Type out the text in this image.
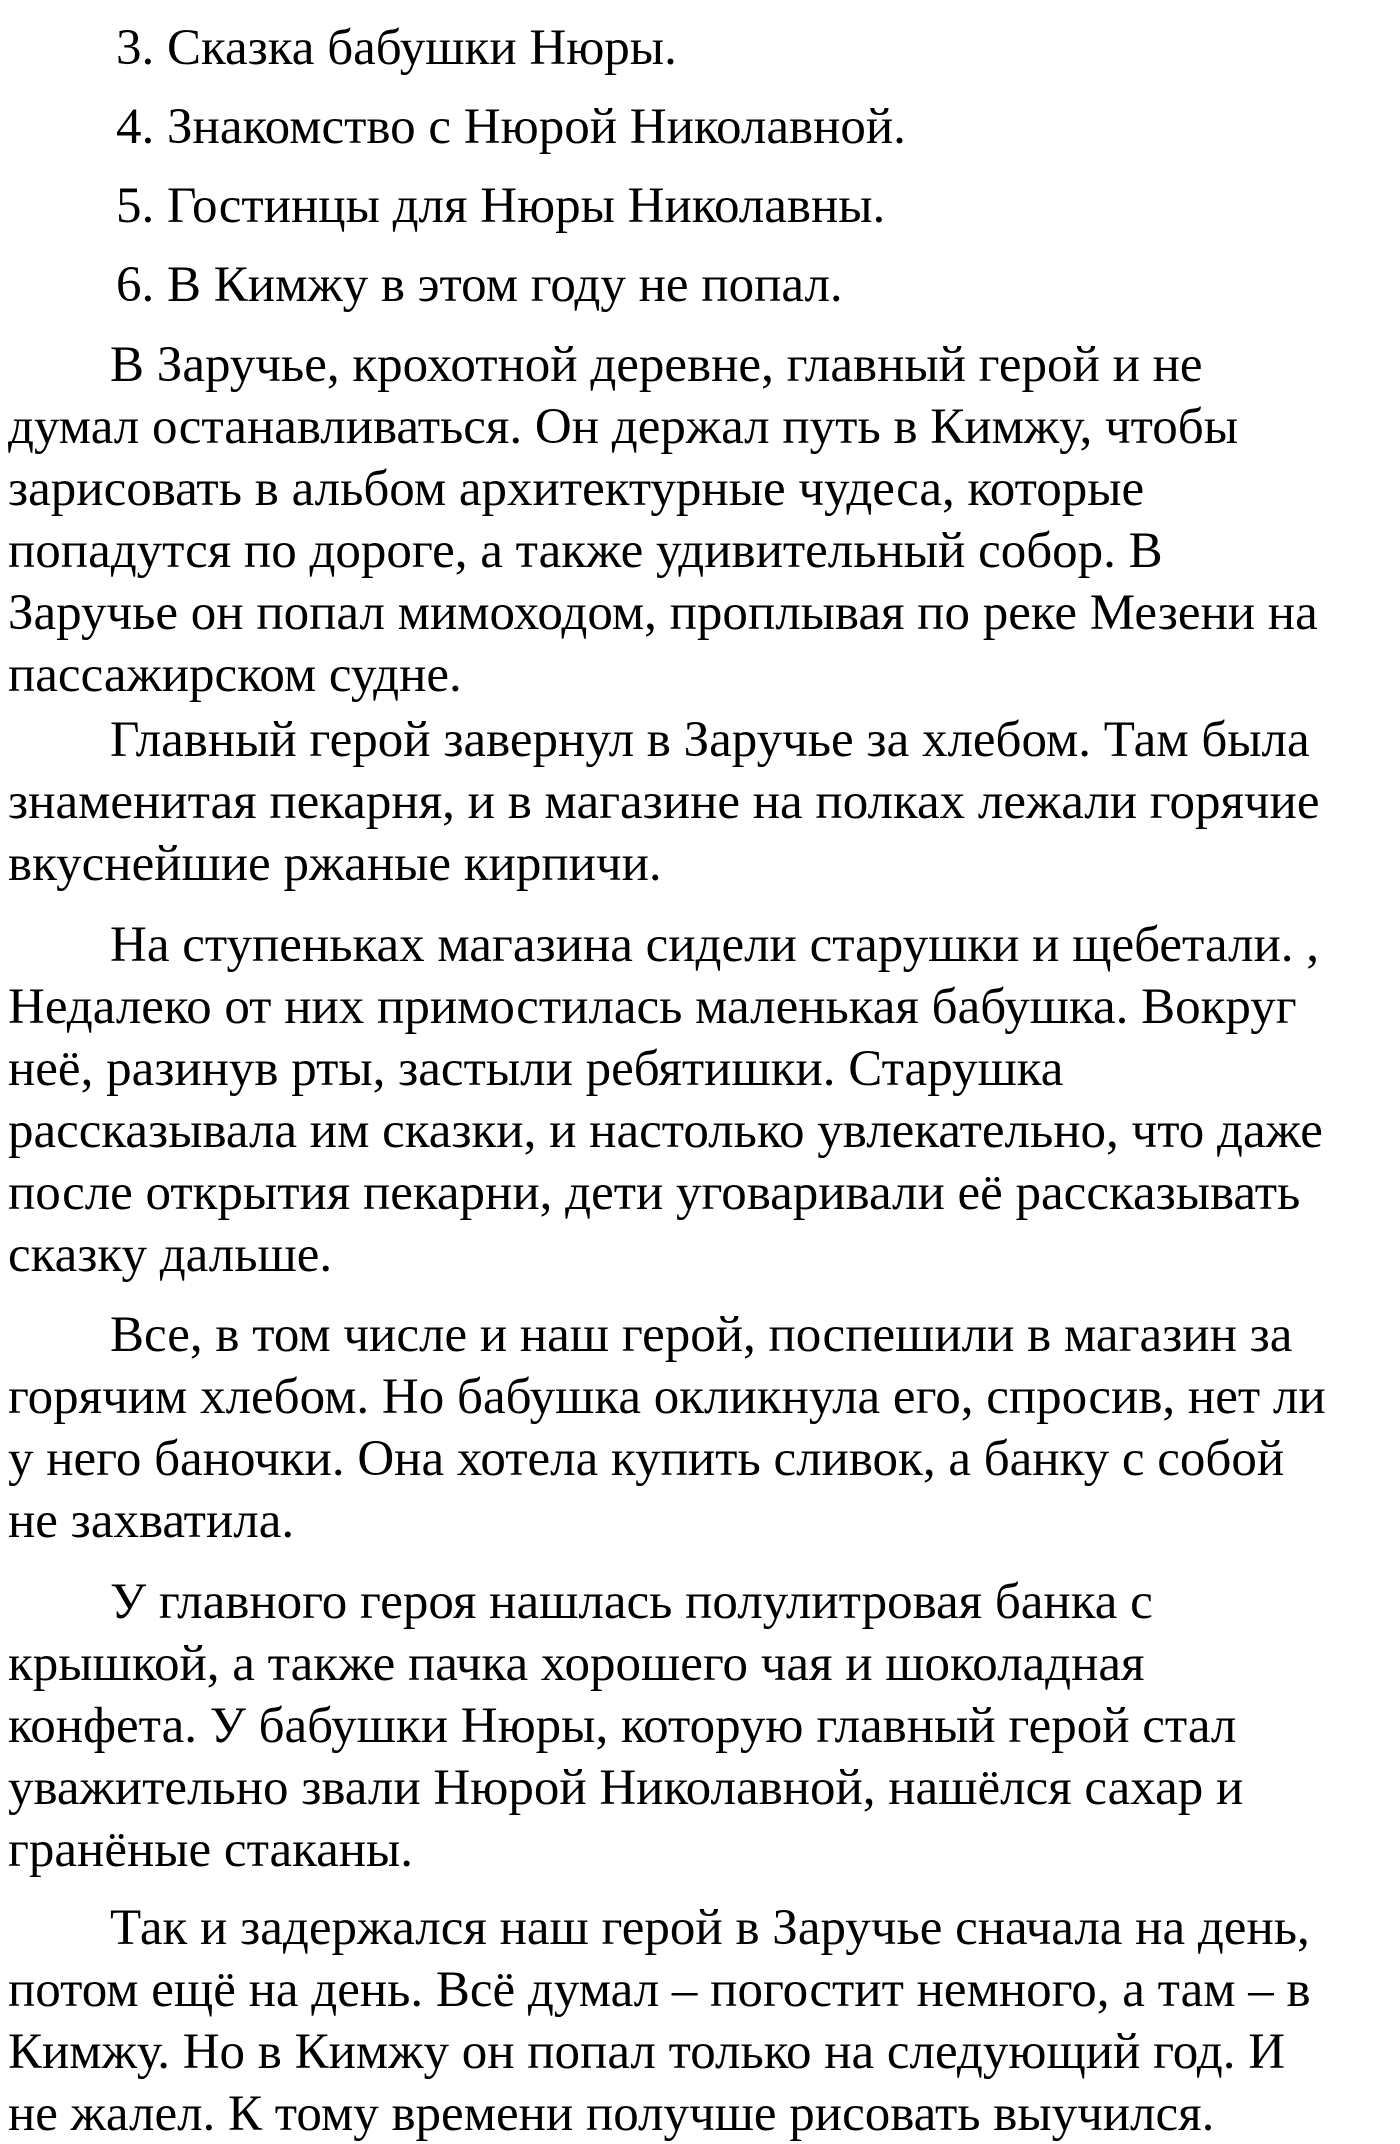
3. Сказка бабушки Нюры.
4. Знакомство с Нюрой Николавной.
5. Гостинцы для Нюры Николавны.
6. В Кимжу в этом году не попал.
В Заручье, крохотной деревне, главный герой и не
думал останавливаться. Он держал путь в Кимжу, чтобы
зарисовать в альбом архитектурные чудеса, которые
попадутся по дороге, а также удивительный собор. В
Заручье он попал мимоходом, проплывая по реке Мезени на
пассажирском судне.
Главный герой завернул в Заручье за хлебом. Там была
знаменитая пекарня, и в магазине на полках лежали горячие
вкуснейшие ржаные кирпичи.
На ступеньках магазина сидели старушки и щебетали. ,
Недалеко от них примостилась маленькая бабушка. Вокруг
неё, разинув рты, застыли ребятишки. Старушка
рассказывала им сказки, и настолько увлекательно, что даже
после открытия пекарни, дети уговаривали её рассказывать
сказку дальше.
Все, в том числе и наш герой, поспешили в магазин за
горячим хлебом. Но бабушка окликнула его, спросив, нет ли
у него баночки. Она хотела купить сливок, а банку с собой
не захватила.
У главного героя нашлась полулитровая банка с
крышкой, а также пачка хорошего чая и шоколадная
конфета. У бабушки Нюры, которую главный герой стал
уважительно звали Нюрой Николавной, нашёлся сахар и
гранёные стаканы.
Так и задержался наш герой в Заручье сначала на день,
потом ещё на день. Всё думал – погостит немного, а там – в
Кимжу. Но в Кимжу он попал только на следующий год. И
не жалел. К тому времени получше рисовать выучился.
